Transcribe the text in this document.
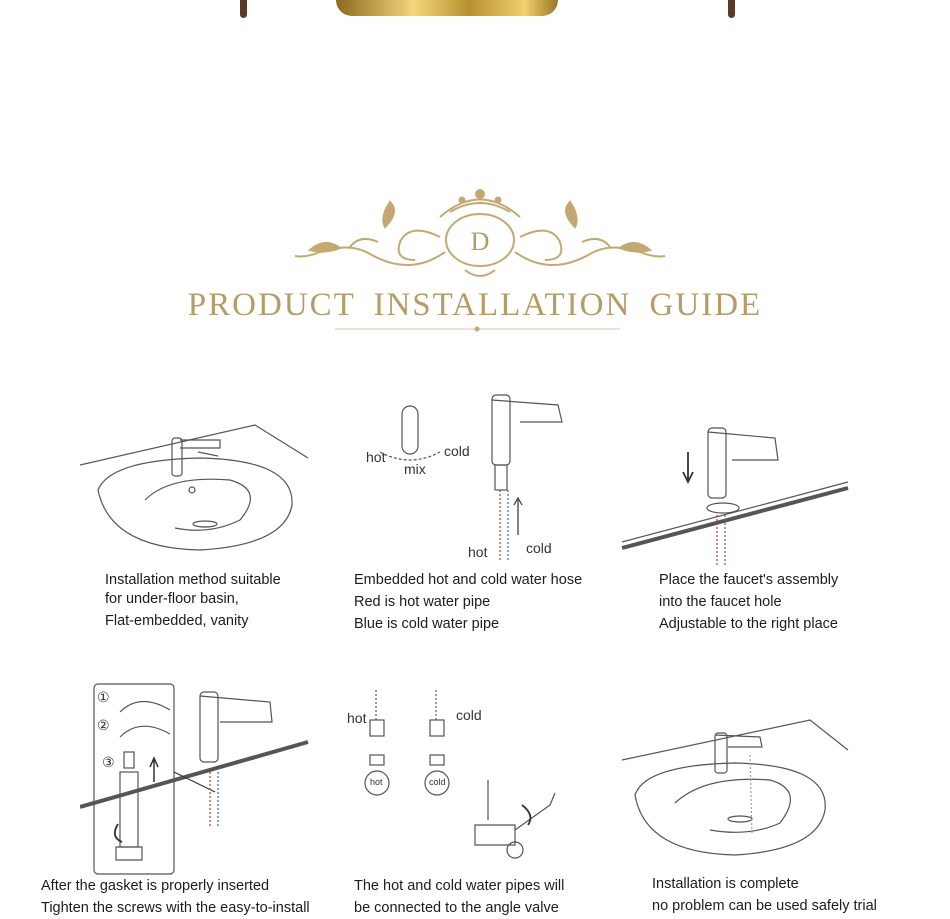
D
PRODUCT INSTALLATION GUIDE
Installation method suitable
for under-floor basin,
Flat-embedded, vanity
hot
mix
cold
hot	cold
Embedded hot and cold water hose
Red is hot water pipe
Blue is cold water pipe
Place the faucet's assembly
into the faucet hole
Adjustable to the right place
①
②
③
After the gasket is properly inserted
Tighten the screws with the easy-to-install
hot	cold
hot	cold
The hot and cold water pipes will
be connected to the angle valve
Installation is complete
no problem can be used safely trial
